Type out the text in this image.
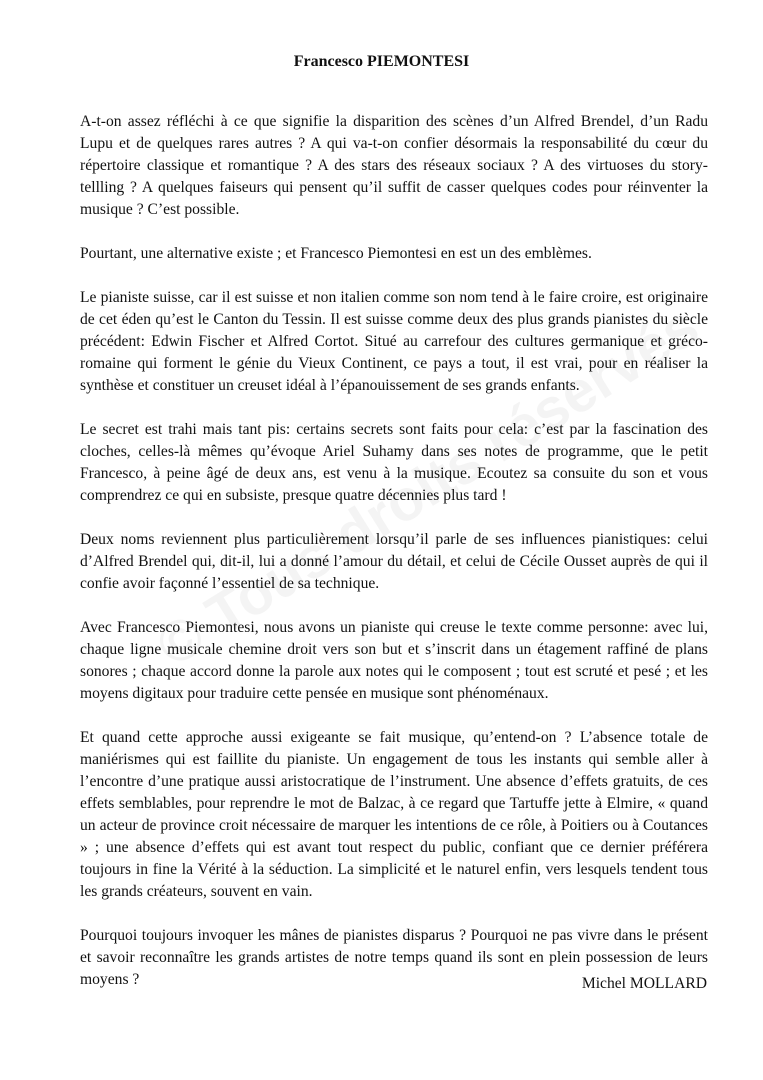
Francesco PIEMONTESI

A-t-on assez réfléchi à ce que signifie la disparition des scènes d’un Alfred Brendel, d’un Radu Lupu et de quelques rares autres ? A qui va-t-on confier désormais la responsabilité du cœur du répertoire classique et romantique ? A des stars des réseaux sociaux ? A des virtuoses du story-tellling ? A quelques faiseurs qui pensent qu’il suffit de casser quelques codes pour réinventer la musique ? C’est possible.

Pourtant, une alternative existe ; et Francesco Piemontesi en est un des emblèmes.

Le pianiste suisse, car il est suisse et non italien comme son nom tend à le faire croire, est originaire de cet éden qu’est le Canton du Tessin. Il est suisse comme deux des plus grands pianistes du siècle précédent: Edwin Fischer et Alfred Cortot. Situé au carrefour des cultures germanique et gréco-romaine qui forment le génie du Vieux Continent, ce pays a tout, il est vrai, pour en réaliser la synthèse et constituer un creuset idéal à l’épanouissement de ses grands enfants.

Le secret est trahi mais tant pis: certains secrets sont faits pour cela: c’est par la fascination des cloches, celles-là mêmes qu’évoque Ariel Suhamy dans ses notes de programme, que le petit Francesco, à peine âgé de deux ans, est venu à la musique. Ecoutez sa consuite du son et vous comprendrez ce qui en subsiste, presque quatre décennies plus tard !

Deux noms reviennent plus particulièrement lorsqu’il parle de ses influences pianistiques: celui d’Alfred Brendel qui, dit-il, lui a donné l’amour du détail, et celui de Cécile Ousset auprès de qui il confie avoir façonné l’essentiel de sa technique.

Avec Francesco Piemontesi, nous avons un pianiste qui creuse le texte comme personne: avec lui, chaque ligne musicale chemine droit vers son but et s’inscrit dans un étagement raffiné de plans sonores ; chaque accord donne la parole aux notes qui le composent ; tout est scruté et pesé ; et les moyens digitaux pour traduire cette pensée en musique sont phénoménaux.

Et quand cette approche aussi exigeante se fait musique, qu’entend-on ? L’absence totale de maniérismes qui est faillite du pianiste. Un engagement de tous les instants qui semble aller à l’encontre d’une pratique aussi aristocratique de l’instrument. Une absence d’effets gratuits, de ces effets semblables, pour reprendre le mot de Balzac, à ce regard que Tartuffe jette à Elmire, « quand un acteur de province croit nécessaire de marquer les intentions de ce rôle, à Poitiers ou à Coutances » ; une absence d’effets qui est avant tout respect du public, confiant que ce dernier préférera toujours in fine la Vérité à la séduction. La simplicité et le naturel enfin, vers lesquels tendent tous les grands créateurs, souvent en vain.

Pourquoi toujours invoquer les mânes de pianistes disparus ? Pourquoi ne pas vivre dans le présent et savoir reconnaître les grands artistes de notre temps quand ils sont en plein possession de leurs moyens ?	Michel MOLLARD
